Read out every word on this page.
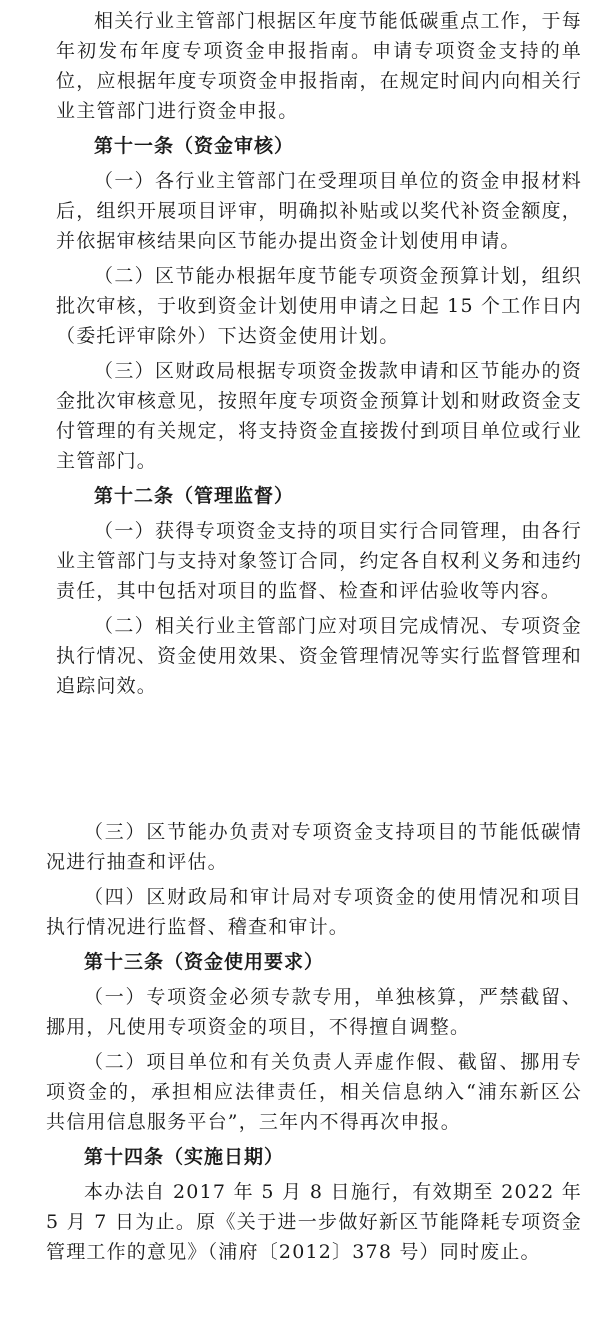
相关行业主管部门根据区年度节能低碳重点工作，于每年初发布年度专项资金申报指南。申请专项资金支持的单位，应根据年度专项资金申报指南，在规定时间内向相关行业主管部门进行资金申报。

第十一条（资金审核）

（一）各行业主管部门在受理项目单位的资金申报材料后，组织开展项目评审，明确拟补贴或以奖代补资金额度，并依据审核结果向区节能办提出资金计划使用申请。

（二）区节能办根据年度节能专项资金预算计划，组织批次审核，于收到资金计划使用申请之日起 15 个工作日内（委托评审除外）下达资金使用计划。

（三）区财政局根据专项资金拨款申请和区节能办的资金批次审核意见，按照年度专项资金预算计划和财政资金支付管理的有关规定，将支持资金直接拨付到项目单位或行业主管部门。

第十二条（管理监督）

（一）获得专项资金支持的项目实行合同管理，由各行业主管部门与支持对象签订合同，约定各自权利义务和违约责任，其中包括对项目的监督、检查和评估验收等内容。

（二）相关行业主管部门应对项目完成情况、专项资金执行情况、资金使用效果、资金管理情况等实行监督管理和追踪问效。

（三）区节能办负责对专项资金支持项目的节能低碳情况进行抽查和评估。

（四）区财政局和审计局对专项资金的使用情况和项目执行情况进行监督、稽查和审计。

第十三条（资金使用要求）

（一）专项资金必须专款专用，单独核算，严禁截留、挪用，凡使用专项资金的项目，不得擅自调整。

（二）项目单位和有关负责人弄虚作假、截留、挪用专项资金的，承担相应法律责任，相关信息纳入“浦东新区公共信用信息服务平台”，三年内不得再次申报。

第十四条（实施日期）

本办法自 2017 年 5 月 8 日施行，有效期至 2022 年 5 月 7 日为止。原《关于进一步做好新区节能降耗专项资金管理工作的意见》（浦府〔2012〕378 号）同时废止。
